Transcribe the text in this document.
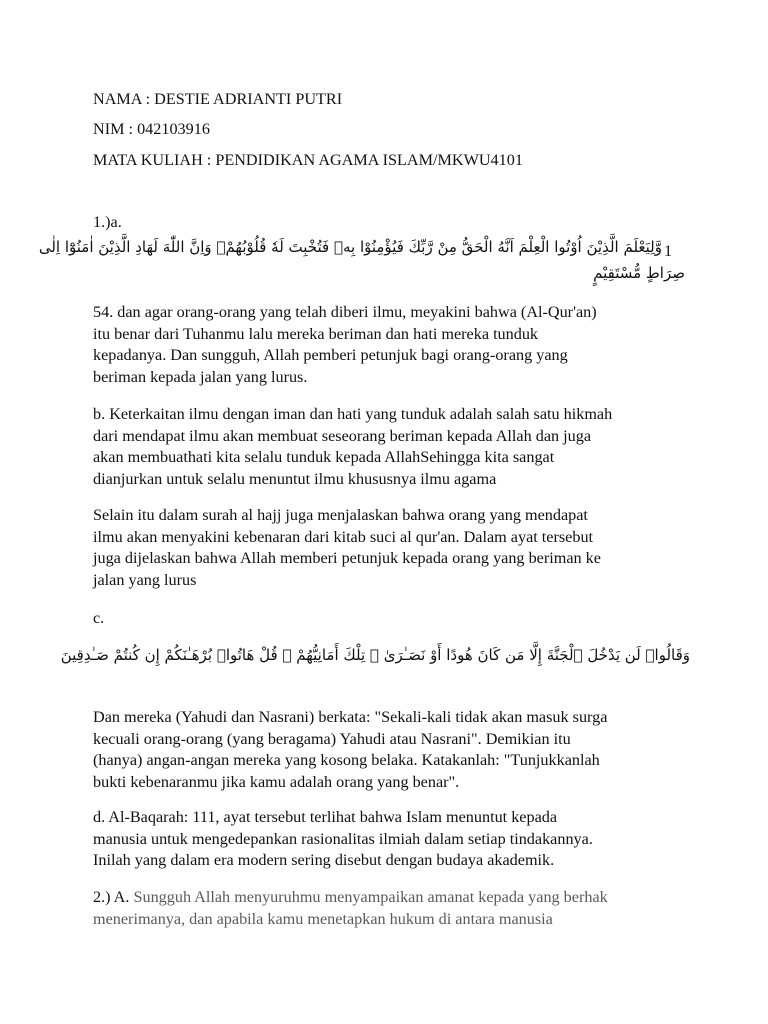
NAMA : DESTIE ADRIANTI PUTRI
NIM : 042103916
MATA KULIAH : PENDIDIKAN AGAMA ISLAM/MKWU4101
1.)a.
1
وَّلِيَعْلَمَ الَّذِيْنَ اُوْتُوا الْعِلْمَ اَنَّهُ الْحَقُّ مِنْ رَّبِّكَ فَيُؤْمِنُوْا بِهٖ فَتُخْبِتَ لَهٗ قُلُوْبُهُمْۗ وَاِنَّ اللّٰهَ لَهَادِ الَّذِيْنَ اٰمَنُوْٓا اِلٰى
صِرَاطٍ مُّسْتَقِيْمٍ
54. dan agar orang-orang yang telah diberi ilmu, meyakini bahwa (Al-Qur'an)
itu benar dari Tuhanmu lalu mereka beriman dan hati mereka tunduk
kepadanya. Dan sungguh, Allah pemberi petunjuk bagi orang-orang yang
beriman kepada jalan yang lurus.
b. Keterkaitan ilmu dengan iman dan hati yang tunduk adalah salah satu hikmah
dari mendapat ilmu akan membuat seseorang beriman kepada Allah dan juga
akan membuathati kita selalu tunduk kepada AllahSehingga kita sangat
dianjurkan untuk selalu menuntut ilmu khususnya ilmu agama
Selain itu dalam surah al hajj juga menjalaskan bahwa orang yang mendapat
ilmu akan menyakini kebenaran dari kitab suci al qur'an. Dalam ayat tersebut
juga dijelaskan bahwa Allah memberi petunjuk kepada orang yang beriman ke
jalan yang lurus
c.
وَقَالُوا۟ لَن يَدْخُلَ ٱلْجَنَّةَ إِلَّا مَن كَانَ هُودًا أَوْ نَصَـٰرَىٰ ۗ تِلْكَ أَمَانِيُّهُمْ ۗ قُلْ هَاتُوا۟ بُرْهَـٰنَكُمْ إِن كُنتُمْ صَـٰدِقِينَ
Dan mereka (Yahudi dan Nasrani) berkata: "Sekali-kali tidak akan masuk surga
kecuali orang-orang (yang beragama) Yahudi atau Nasrani". Demikian itu
(hanya) angan-angan mereka yang kosong belaka. Katakanlah: "Tunjukkanlah
bukti kebenaranmu jika kamu adalah orang yang benar".
d. Al-Baqarah: 111, ayat tersebut terlihat bahwa Islam menuntut kepada
manusia untuk mengedepankan rasionalitas ilmiah dalam setiap tindakannya.
Inilah yang dalam era modern sering disebut dengan budaya akademik.
2.) A. Sungguh Allah menyuruhmu menyampaikan amanat kepada yang berhak
menerimanya, dan apabila kamu menetapkan hukum di antara manusia
